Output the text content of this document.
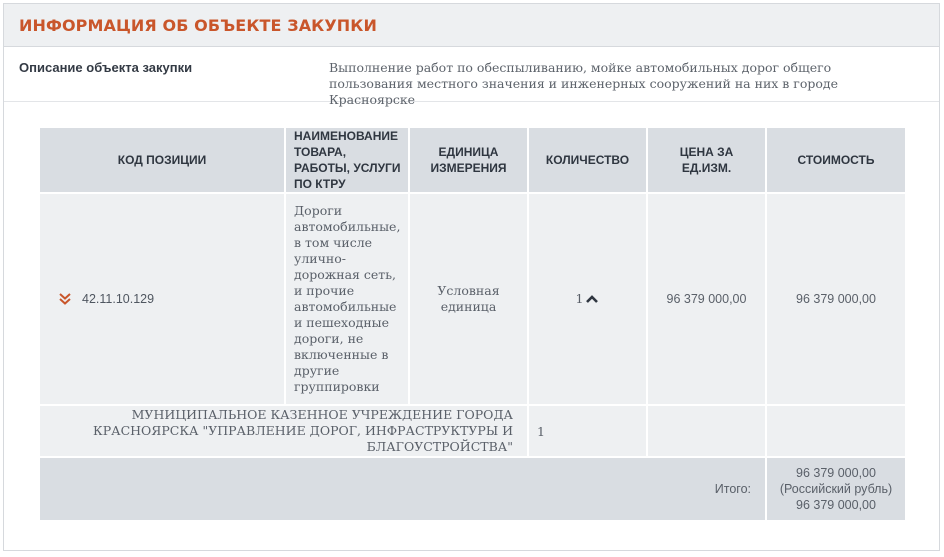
ИНФОРМАЦИЯ ОБ ОБЪЕКТЕ ЗАКУПКИ
Описание объекта закупки	Выполнение работ по обеспыливанию, мойке автомобильных дорог общего пользования местного значения и инженерных сооружений на них в городе Красноярске
КОД ПОЗИЦИИ	НАИМЕНОВАНИЕ ТОВАРА, РАБОТЫ, УСЛУГИ ПО КТРУ	ЕДИНИЦА ИЗМЕРЕНИЯ	КОЛИЧЕСТВО	ЦЕНА ЗА ЕД.ИЗМ.	СТОИМОСТЬ

42.11.10.129	Дороги автомобильные, в том числе улично-дорожная сеть, и прочие автомобильные и пешеходные дороги, не включенные в другие группировки	Условная единица	1	96 379 000,00	96 379 000,00
МУНИЦИПАЛЬНОЕ КАЗЕННОЕ УЧРЕЖДЕНИЕ ГОРОДА КРАСНОЯРСКА "УПРАВЛЕНИЕ ДОРОГ, ИНФРАСТРУКТУРЫ И БЛАГОУСТРОЙСТВА"			1		
Итого:					96 379 000,00
(Российский рубль)
96 379 000,00
